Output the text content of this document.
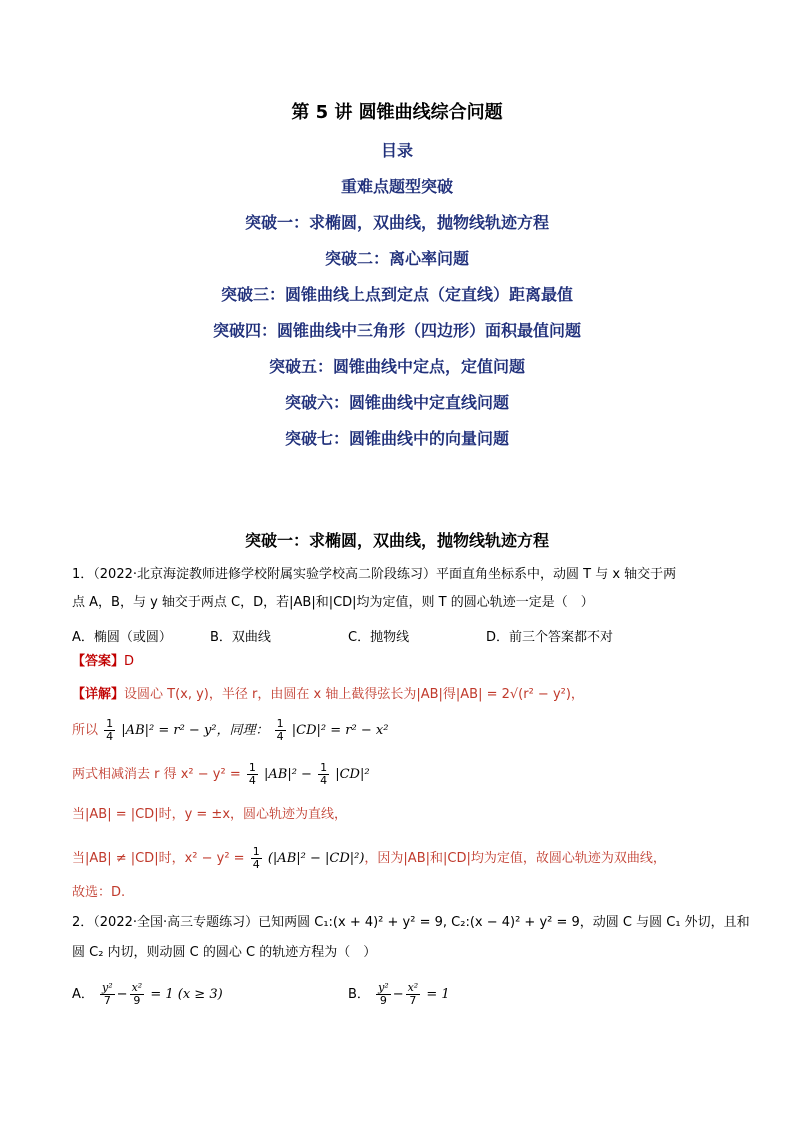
第 5 讲 圆锥曲线综合问题
目录
重难点题型突破
突破一：求椭圆，双曲线，抛物线轨迹方程
突破二：离心率问题
突破三：圆锥曲线上点到定点（定直线）距离最值
突破四：圆锥曲线中三角形（四边形）面积最值问题
突破五：圆锥曲线中定点，定值问题
突破六：圆锥曲线中定直线问题
突破七：圆锥曲线中的向量问题
突破一：求椭圆，双曲线，抛物线轨迹方程
1．（2022·北京海淀教师进修学校附属实验学校高二阶段练习）平面直角坐标系中，动圆 T 与 x 轴交于两
点 A，B，与 y 轴交于两点 C，D，若|AB|和|CD|均为定值，则 T 的圆心轨迹一定是（　）
A．椭圆（或圆）	B．双曲线	C．抛物线	D．前三个答案都不对
【答案】D
【详解】设圆心 T(x, y)，半径 r，由圆在 x 轴上截得弦长为|AB|得|AB| = 2√(r² − y²)，
所以 $\frac{1}{4} |AB|^2 = r^2 - y^2$，同理： $\frac{1}{4} |CD|^2 = r^2 - x^2$
两式相减消去 r 得 $x^2 - y^2 = \frac{1}{4} |AB|^2 - \frac{1}{4} |CD|^2$
当|AB| = |CD|时，y = ±x，圆心轨迹为直线，
当|AB| ≠ |CD|时，$x^2 - y^2 = \frac{1}{4} (|AB|^2 - |CD|^2)$，因为|AB|和|CD|均为定值，故圆心轨迹为双曲线，
故选：D.
2．（2022·全国·高三专题练习）已知两圆 C₁:(x + 4)² + y² = 9, C₂:(x − 4)² + y² = 9，动圆 C 与圆 C₁ 外切，且和
圆 C₂ 内切，则动圆 C 的圆心 C 的轨迹方程为（　）
A． $\frac{\text{y²}}{7} - \frac{\text{x²}}{9} = 1$ (x ≥ 3)	B． $\frac{\text{y²}}{9} - \frac{\text{x²}}{7} = 1$
